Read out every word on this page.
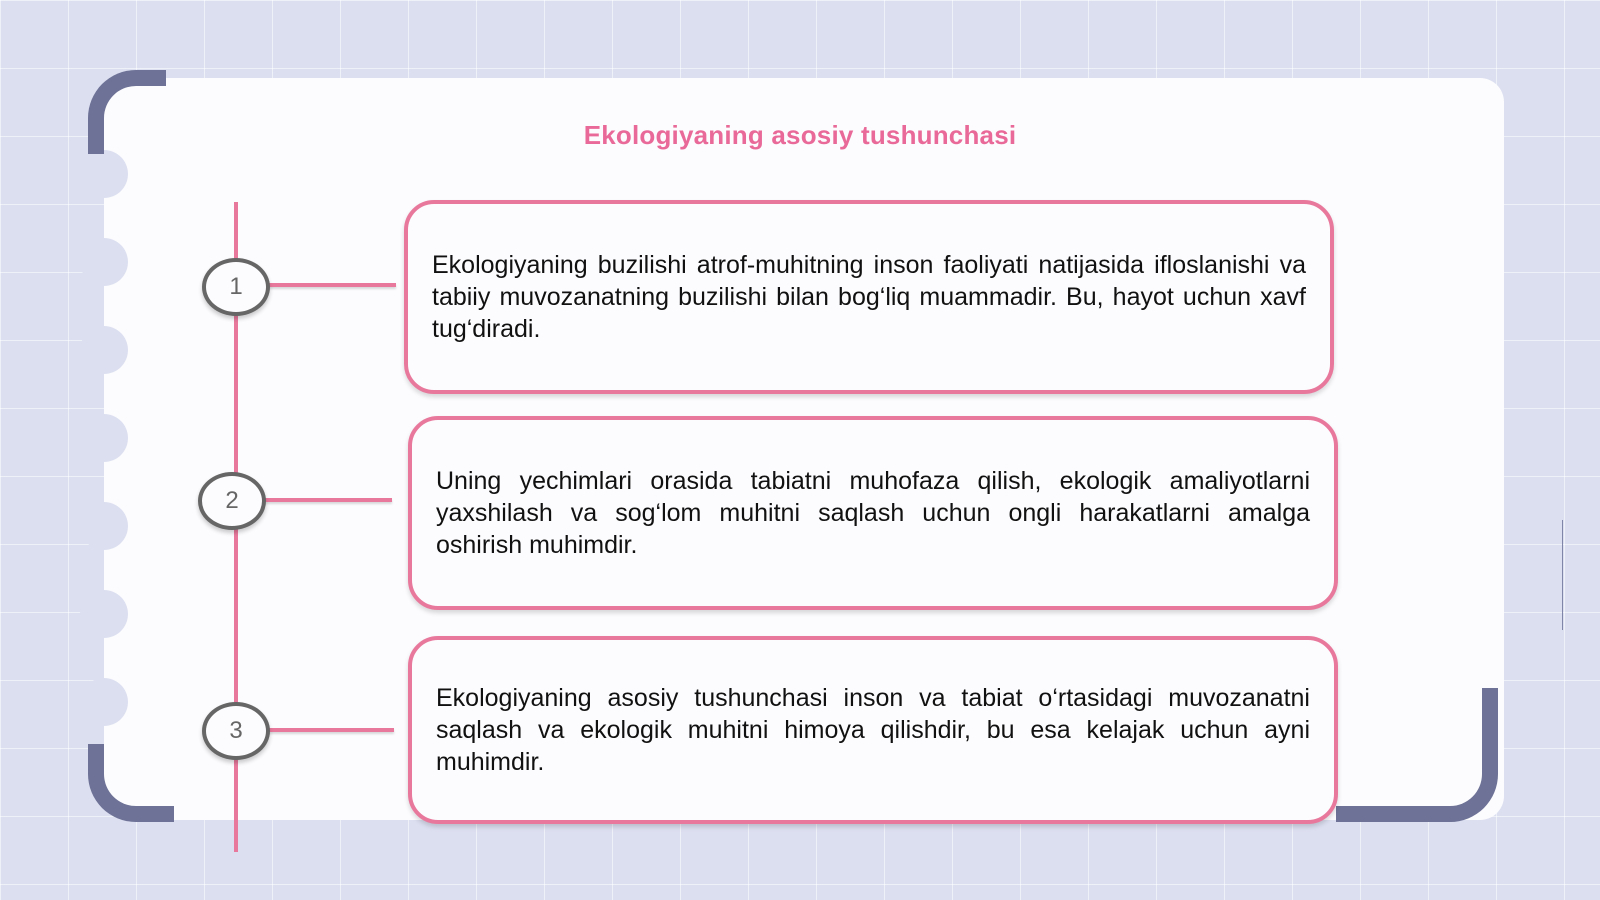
Ekologiyaning asosiy tushunchasi
1

Ekologiyaning buzilishi atrof-muhitning inson faoliyati natijasida ifloslanishi va tabiiy muvozanatning buzilishi bilan bog‘liq muammadir. Bu, hayot uchun xavf tug‘diradi.

2

Uning yechimlari orasida tabiatni muhofaza qilish, ekologik amaliyotlarni yaxshilash va sog‘lom muhitni saqlash uchun ongli harakatlarni amalga oshirish muhimdir.

3

Ekologiyaning asosiy tushunchasi inson va tabiat o‘rtasidagi muvozanatni saqlash va ekologik muhitni himoya qilishdir, bu esa kelajak uchun ayni muhimdir.
